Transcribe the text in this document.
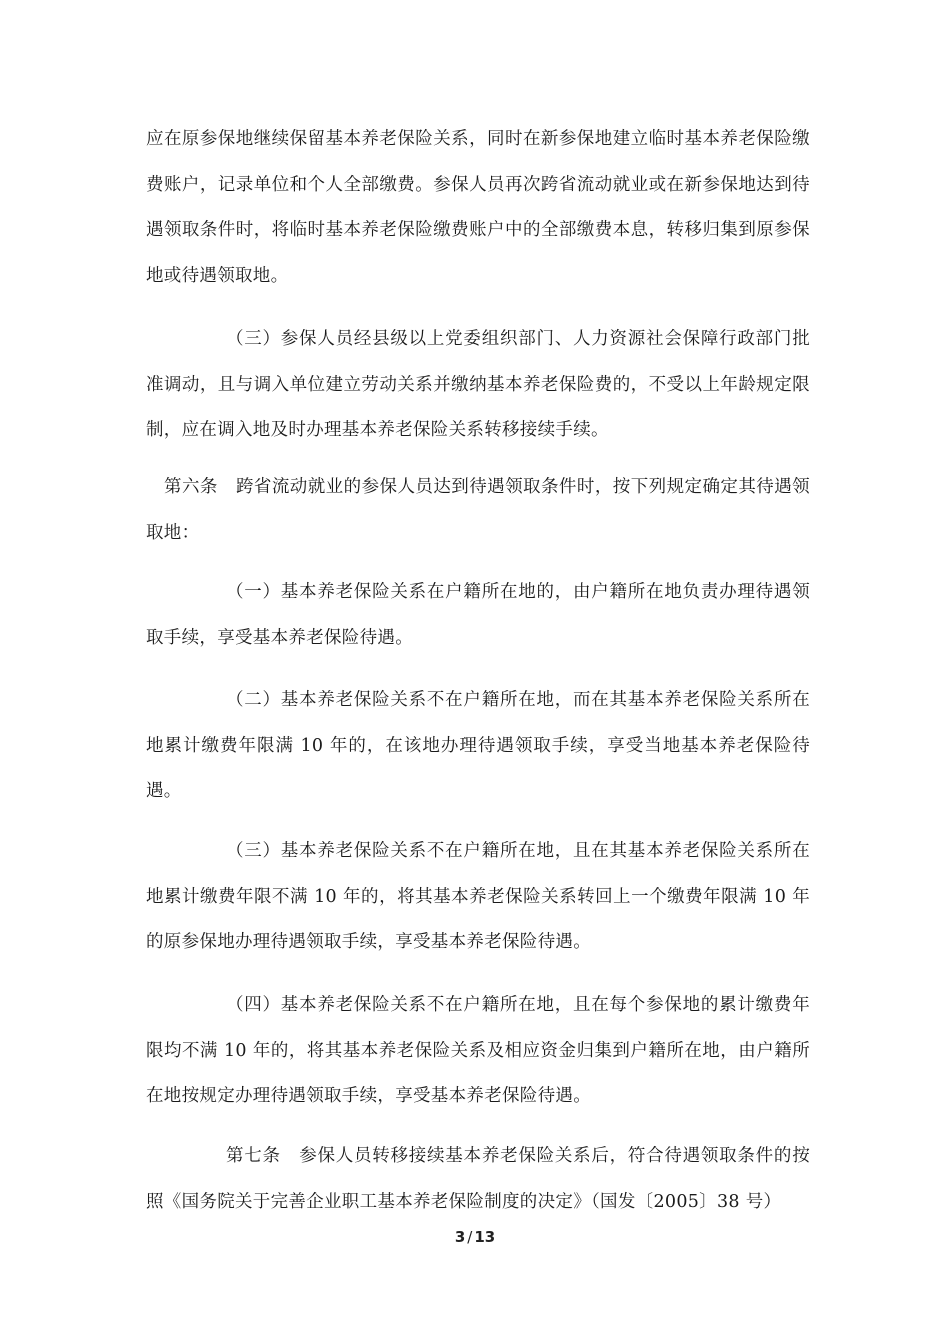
应在原参保地继续保留基本养老保险关系，同时在新参保地建立临时基本养老保险缴费账户，记录单位和个人全部缴费。参保人员再次跨省流动就业或在新参保地达到待遇领取条件时，将临时基本养老保险缴费账户中的全部缴费本息，转移归集到原参保地或待遇领取地。

（三）参保人员经县级以上党委组织部门、人力资源社会保障行政部门批准调动，且与调入单位建立劳动关系并缴纳基本养老保险费的，不受以上年龄规定限制，应在调入地及时办理基本养老保险关系转移接续手续。

第六条 跨省流动就业的参保人员达到待遇领取条件时，按下列规定确定其待遇领取地：

（一）基本养老保险关系在户籍所在地的，由户籍所在地负责办理待遇领取手续，享受基本养老保险待遇。

（二）基本养老保险关系不在户籍所在地，而在其基本养老保险关系所在地累计缴费年限满 10 年的，在该地办理待遇领取手续，享受当地基本养老保险待遇。

（三）基本养老保险关系不在户籍所在地，且在其基本养老保险关系所在地累计缴费年限不满 10 年的，将其基本养老保险关系转回上一个缴费年限满 10 年的原参保地办理待遇领取手续，享受基本养老保险待遇。

（四）基本养老保险关系不在户籍所在地，且在每个参保地的累计缴费年限均不满 10 年的，将其基本养老保险关系及相应资金归集到户籍所在地，由户籍所在地按规定办理待遇领取手续，享受基本养老保险待遇。

第七条 参保人员转移接续基本养老保险关系后，符合待遇领取条件的按照《国务院关于完善企业职工基本养老保险制度的决定》（国发〔2005〕38 号）

3 / 13
